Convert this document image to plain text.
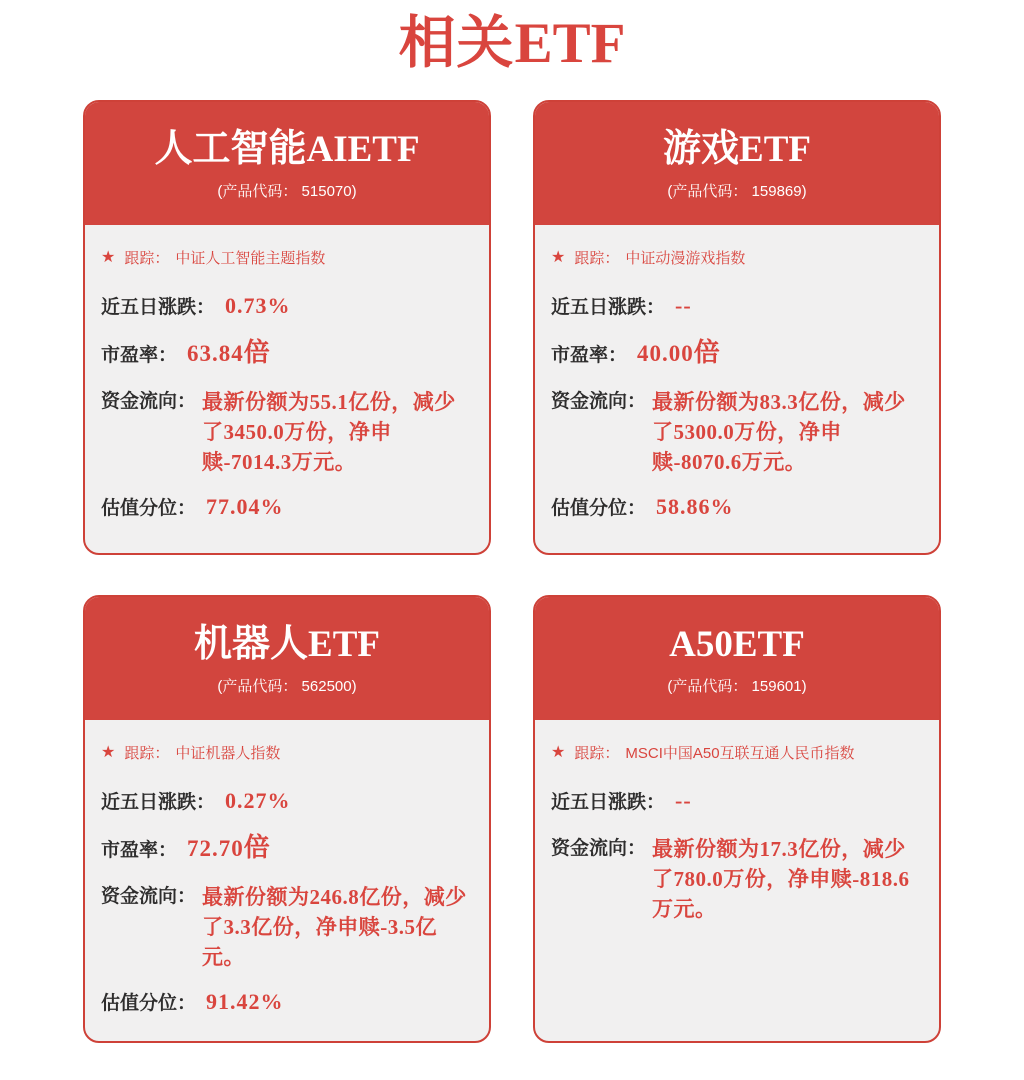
相关ETF
人工智能AIETF
(产品代码： 515070)
★ 跟踪： 中证人工智能主题指数
近五日涨跌： 0.73%
市盈率： 63.84 倍
资金流向： 最新份额为55.1亿份，减少了3450.0万份，净申赎-7014.3万元。
估值分位： 77.04%
游戏ETF
(产品代码： 159869)
★ 跟踪： 中证动漫游戏指数
近五日涨跌： --
市盈率： 40.00 倍
资金流向： 最新份额为83.3亿份，减少了5300.0万份，净申赎-8070.6万元。
估值分位： 58.86%
机器人ETF
(产品代码： 562500)
★ 跟踪： 中证机器人指数
近五日涨跌： 0.27%
市盈率： 72.70 倍
资金流向： 最新份额为246.8亿份，减少了3.3亿份，净申赎-3.5亿元。
估值分位： 91.42%
A50ETF
(产品代码： 159601)
★ 跟踪： MSCI中国A50互联互通人民币指数
近五日涨跌： --
资金流向： 最新份额为17.3亿份，减少了780.0万份，净申赎-818.6万元。
